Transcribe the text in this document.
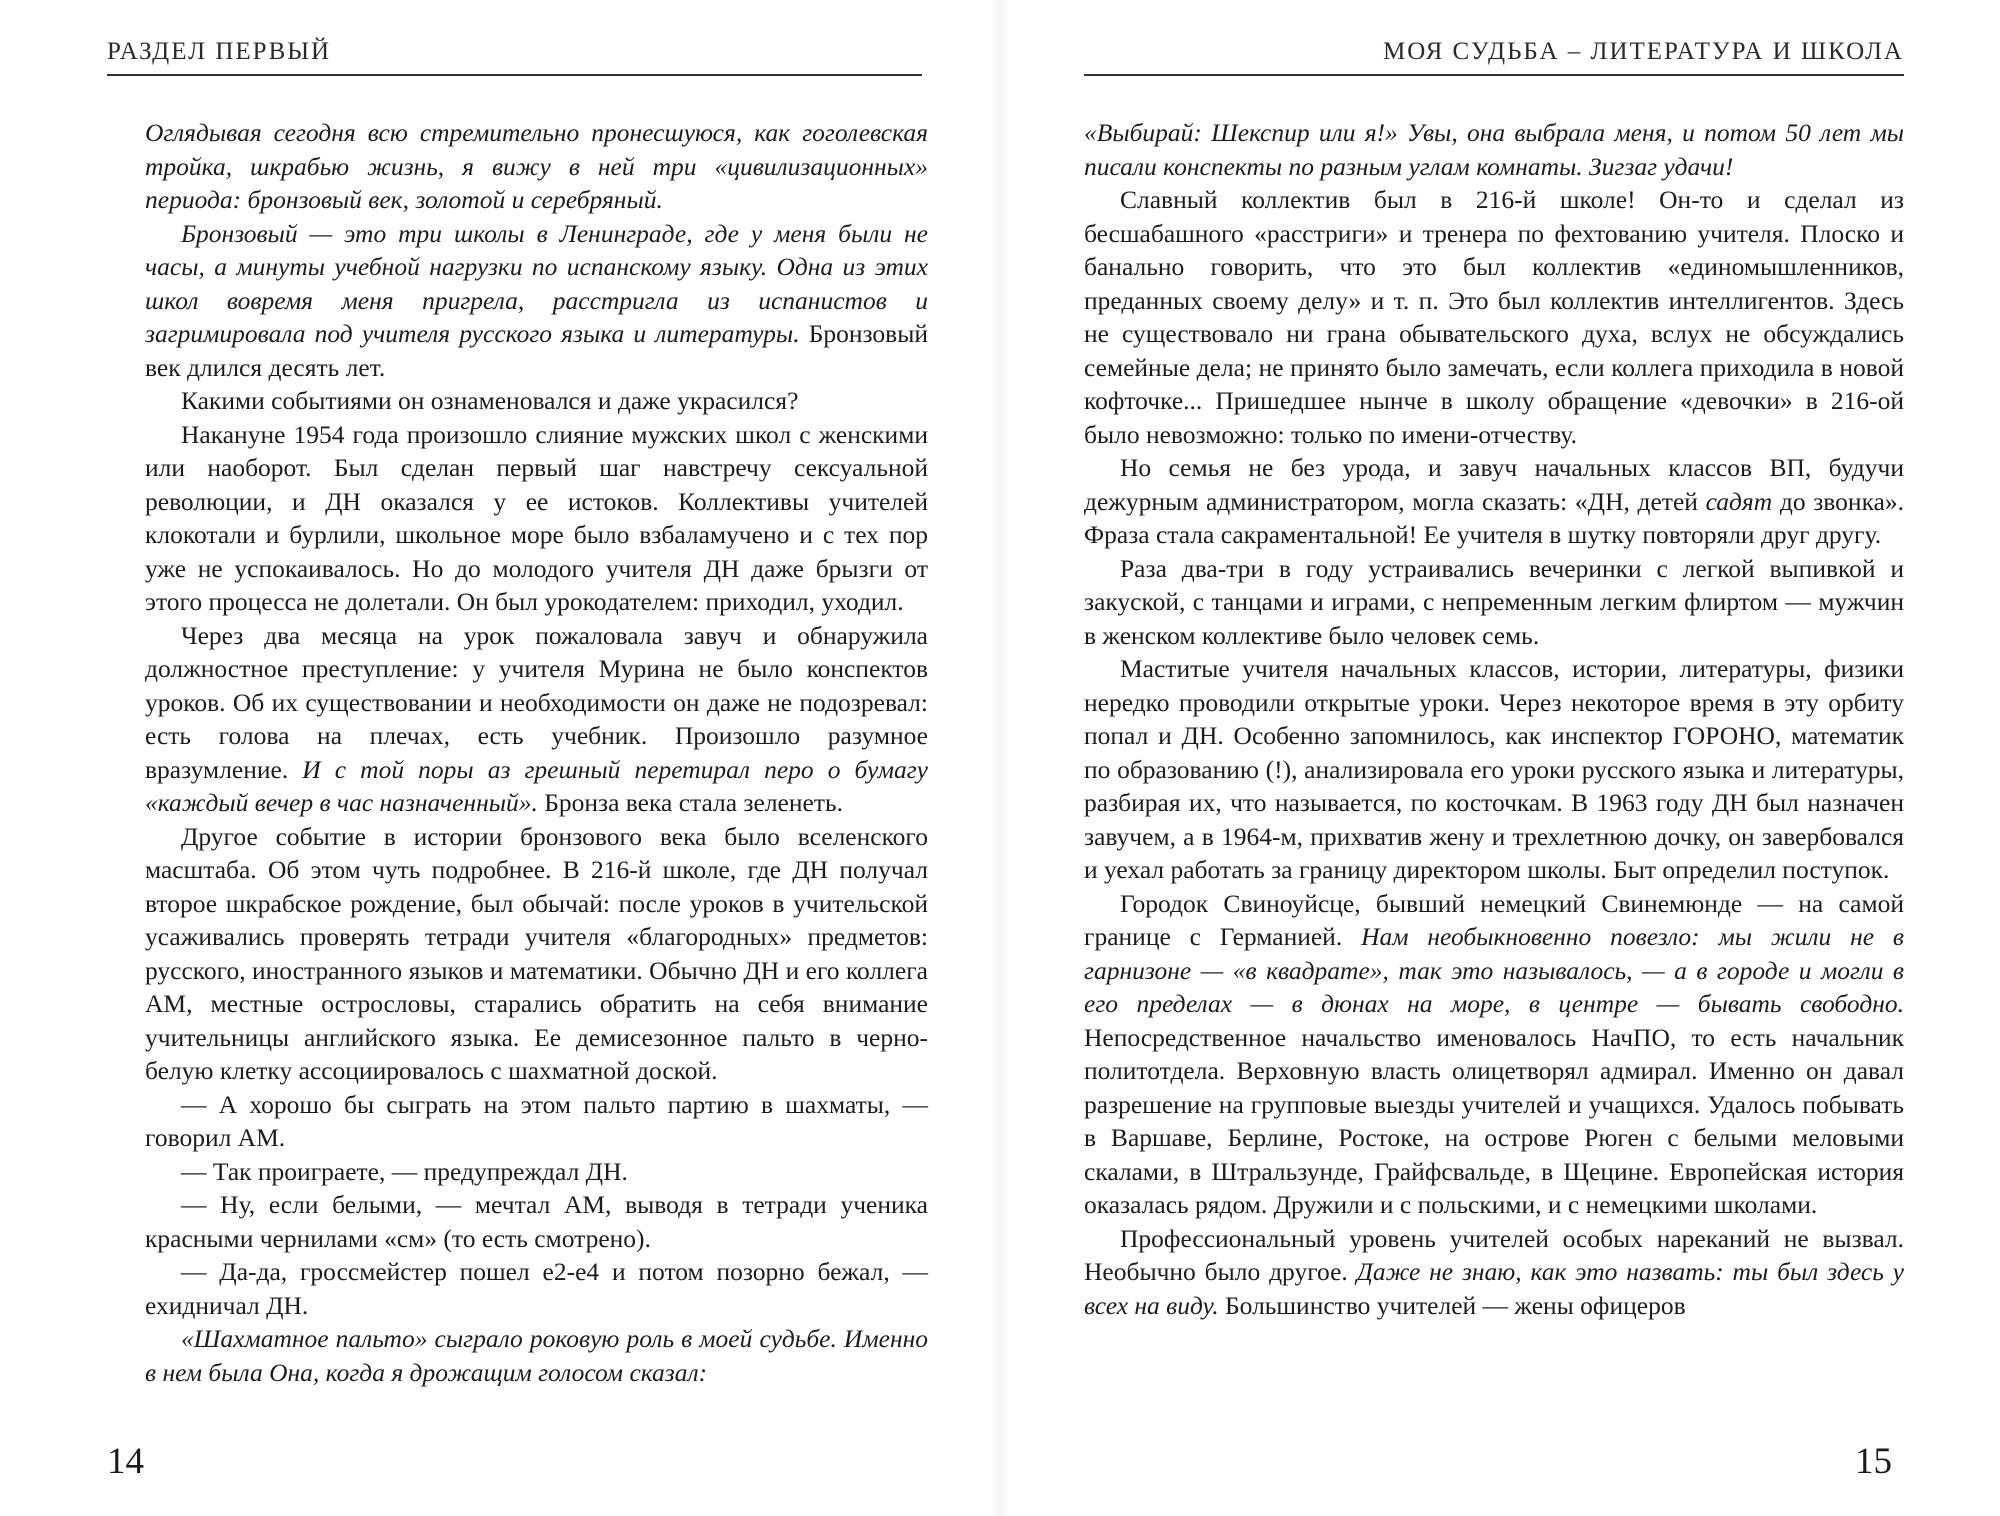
РАЗДЕЛ ПЕРВЫЙ

Оглядывая сегодня всю стремительно пронесшуюся, как гоголевская тройка, шкрабью жизнь, я вижу в ней три «цивилизационных» периода: бронзовый век, золотой и серебряный.

Бронзовый — это три школы в Ленинграде, где у меня были не часы, а минуты учебной нагрузки по испанскому языку. Одна из этих школ вовремя меня пригрела, расстригла из испанистов и загримировала под учителя русского языка и литературы. Бронзовый век длился десять лет.

Какими событиями он ознаменовался и даже украсился?

Накануне 1954 года произошло слияние мужских школ с женскими или наоборот. Был сделан первый шаг навстречу сексуальной революции, и ДН оказался у ее истоков. Коллективы учителей клокотали и бурлили, школьное море было взбаламучено и с тех пор уже не успокаивалось. Но до молодого учителя ДН даже брызги от этого процесса не долетали. Он был урокодателем: приходил, уходил.

Через два месяца на урок пожаловала завуч и обнаружила должностное преступление: у учителя Мурина не было конспектов уроков. Об их существовании и необходимости он даже не подозревал: есть голова на плечах, есть учебник. Произошло разумное вразумление. И с той поры аз грешный перетирал перо о бумагу «каждый вечер в час назначенный». Бронза века стала зеленеть.

Другое событие в истории бронзового века было вселенского масштаба. Об этом чуть подробнее. В 216-й школе, где ДН получал второе шкрабское рождение, был обычай: после уроков в учительской усаживались проверять тетради учителя «благородных» предметов: русского, иностранного языков и математики. Обычно ДН и его коллега АМ, местные острословы, старались обратить на себя внимание учительницы английского языка. Ее демисезонное пальто в черно-белую клетку ассоциировалось с шахматной доской.

— А хорошо бы сыграть на этом пальто партию в шахматы, — говорил АМ.

— Так проиграете, — предупреждал ДН.

— Ну, если белыми, — мечтал АМ, выводя в тетради ученика красными чернилами «см» (то есть смотрено).

— Да-да, гроссмейстер пошел е2-е4 и потом позорно бежал, — ехидничал ДН.

«Шахматное пальто» сыграло роковую роль в моей судьбе. Именно в нем была Она, когда я дрожащим голосом сказал:

14
МОЯ СУДЬБА – ЛИТЕРАТУРА И ШКОЛА

«Выбирай: Шекспир или я!» Увы, она выбрала меня, и потом 50 лет мы писали конспекты по разным углам комнаты. Зигзаг удачи!

Славный коллектив был в 216-й школе! Он-то и сделал из бесшабашного «расстриги» и тренера по фехтованию учителя. Плоско и банально говорить, что это был коллектив «единомышленников, преданных своему делу» и т. п. Это был коллектив интеллигентов. Здесь не существовало ни грана обывательского духа, вслух не обсуждались семейные дела; не принято было замечать, если коллега приходила в новой кофточке... Пришедшее нынче в школу обращение «девочки» в 216-ой было невозможно: только по имени-отчеству.

Но семья не без урода, и завуч начальных классов ВП, будучи дежурным администратором, могла сказать: «ДН, детей садят до звонка». Фраза стала сакраментальной! Ее учителя в шутку повторяли друг другу.

Раза два-три в году устраивались вечеринки с легкой выпивкой и закуской, с танцами и играми, с непременным легким флиртом — мужчин в женском коллективе было человек семь.

Маститые учителя начальных классов, истории, литературы, физики нередко проводили открытые уроки. Через некоторое время в эту орбиту попал и ДН. Особенно запомнилось, как инспектор ГОРОНО, математик по образованию (!), анализировала его уроки русского языка и литературы, разбирая их, что называется, по косточкам. В 1963 году ДН был назначен завучем, а в 1964-м, прихватив жену и трехлетнюю дочку, он завербовался и уехал работать за границу директором школы. Быт определил поступок.

Городок Свиноуйсце, бывший немецкий Свинемюнде — на самой границе с Германией. Нам необыкновенно повезло: мы жили не в гарнизоне — «в квадрате», так это называлось, — а в городе и могли в его пределах — в дюнах на море, в центре — бывать свободно. Непосредственное начальство именовалось НачПО, то есть начальник политотдела. Верховную власть олицетворял адмирал. Именно он давал разрешение на групповые выезды учителей и учащихся. Удалось побывать в Варшаве, Берлине, Ростоке, на острове Рюген с белыми меловыми скалами, в Штральзунде, Грайфсвальде, в Щецине. Европейская история оказалась рядом. Дружили и с польскими, и с немецкими школами.

Профессиональный уровень учителей особых нареканий не вызвал. Необычно было другое. Даже не знаю, как это назвать: ты был здесь у всех на виду. Большинство учителей — жены офицеров

15
